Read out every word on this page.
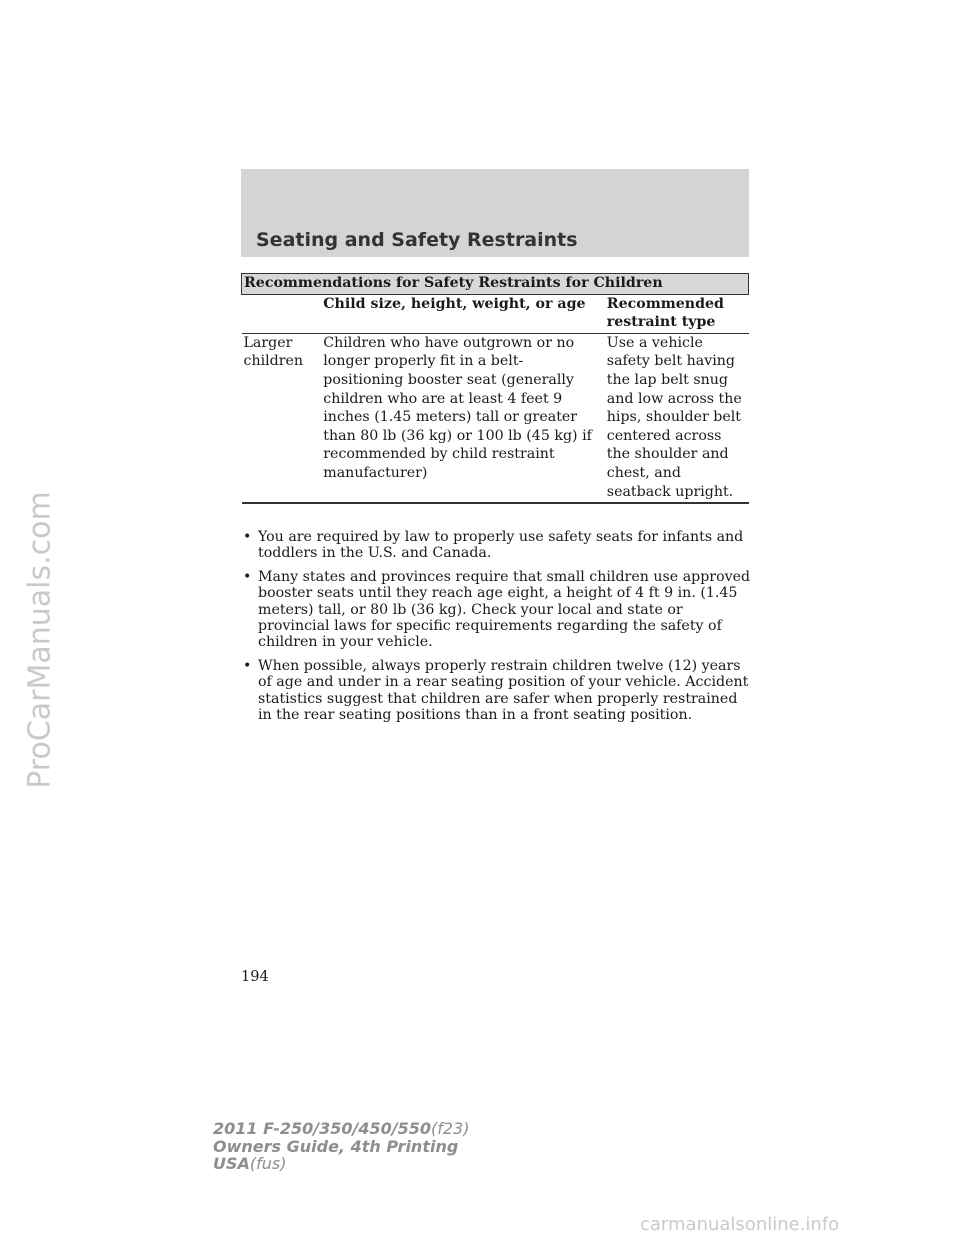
ProCarManuals.com
Seating and Safety Restraints
Recommendations for Safety Restraints for Children		
	Child size, height, weight, or age	Recommended restraint type
Larger children	Children who have outgrown or no longer properly fit in a belt-positioning booster seat (generally children who are at least 4 feet 9 inches (1.45 meters) tall or greater than 80 lb (36 kg) or 100 lb (45 kg) if recommended by child restraint manufacturer)	Use a vehicle safety belt having the lap belt snug and low across the hips, shoulder belt centered across the shoulder and chest, and seatback upright.
• You are required by law to properly use safety seats for infants and toddlers in the U.S. and Canada.
• Many states and provinces require that small children use approved booster seats until they reach age eight, a height of 4 ft 9 in. (1.45 meters) tall, or 80 lb (36 kg). Check your local and state or provincial laws for specific requirements regarding the safety of children in your vehicle.
• When possible, always properly restrain children twelve (12) years of age and under in a rear seating position of your vehicle. Accident statistics suggest that children are safer when properly restrained in the rear seating positions than in a front seating position.
194
2011 F-250/350/450/550(f23)
Owners Guide, 4th Printing
USA(fus)
carmanualsonline.info
